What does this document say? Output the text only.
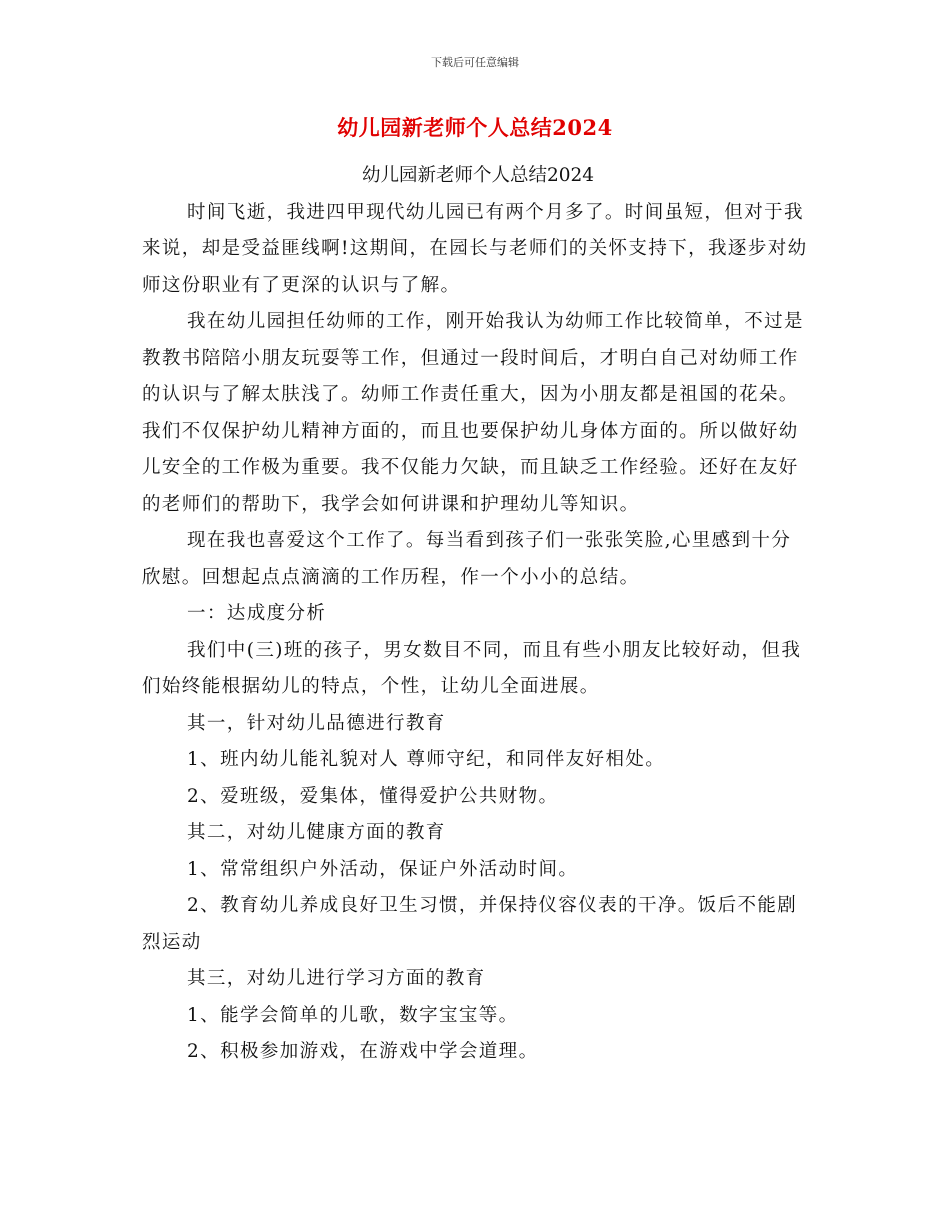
下载后可任意编辑
幼儿园新老师个人总结2024
幼儿园新老师个人总结2024

时间飞逝，我进四甲现代幼儿园已有两个月多了。时间虽短，但对于我来说，却是受益匪线啊!这期间，在园长与老师们的关怀支持下，我逐步对幼师这份职业有了更深的认识与了解。

我在幼儿园担任幼师的工作，刚开始我认为幼师工作比较简单，不过是教教书陪陪小朋友玩耍等工作，但通过一段时间后，才明白自己对幼师工作的认识与了解太肤浅了。幼师工作责任重大，因为小朋友都是祖国的花朵。我们不仅保护幼儿精神方面的，而且也要保护幼儿身体方面的。所以做好幼儿安全的工作极为重要。我不仅能力欠缺，而且缺乏工作经验。还好在友好的老师们的帮助下，我学会如何讲课和护理幼儿等知识。

现在我也喜爱这个工作了。每当看到孩子们一张张笑脸,心里感到十分欣慰。回想起点点滴滴的工作历程，作一个小小的总结。

一：达成度分析

我们中(三)班的孩子，男女数目不同，而且有些小朋友比较好动，但我们始终能根据幼儿的特点，个性，让幼儿全面进展。

其一，针对幼儿品德进行教育

1、班内幼儿能礼貌对人 尊师守纪，和同伴友好相处。

2、爱班级，爱集体，懂得爱护公共财物。

其二，对幼儿健康方面的教育

1、常常组织户外活动，保证户外活动时间。

2、教育幼儿养成良好卫生习惯，并保持仪容仪表的干净。饭后不能剧烈运动

其三，对幼儿进行学习方面的教育

1、能学会简单的儿歌，数字宝宝等。

2、积极参加游戏，在游戏中学会道理。
